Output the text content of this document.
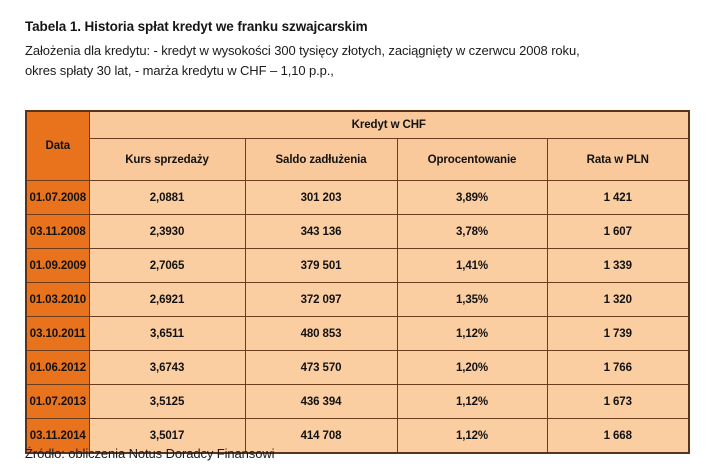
Tabela 1. Historia spłat kredyt we franku szwajcarskim
Założenia dla kredytu: - kredyt w wysokości 300 tysięcy złotych, zaciągnięty w czerwcu 2008 roku,
okres spłaty 30 lat, - marża kredytu w CHF – 1,10 p.p.,
Data	Kredyt w CHF			
	Kurs sprzedaży	Saldo zadłużenia	Oprocentowanie	Rata w PLN
01.07.2008	2,0881	301 203	3,89%	1 421
03.11.2008	2,3930	343 136	3,78%	1 607
01.09.2009	2,7065	379 501	1,41%	1 339
01.03.2010	2,6921	372 097	1,35%	1 320
03.10.2011	3,6511	480 853	1,12%	1 739
01.06.2012	3,6743	473 570	1,20%	1 766
01.07.2013	3,5125	436 394	1,12%	1 673
03.11.2014	3,5017	414 708	1,12%	1 668
Źródło: obliczenia Notus Doradcy Finansowi
